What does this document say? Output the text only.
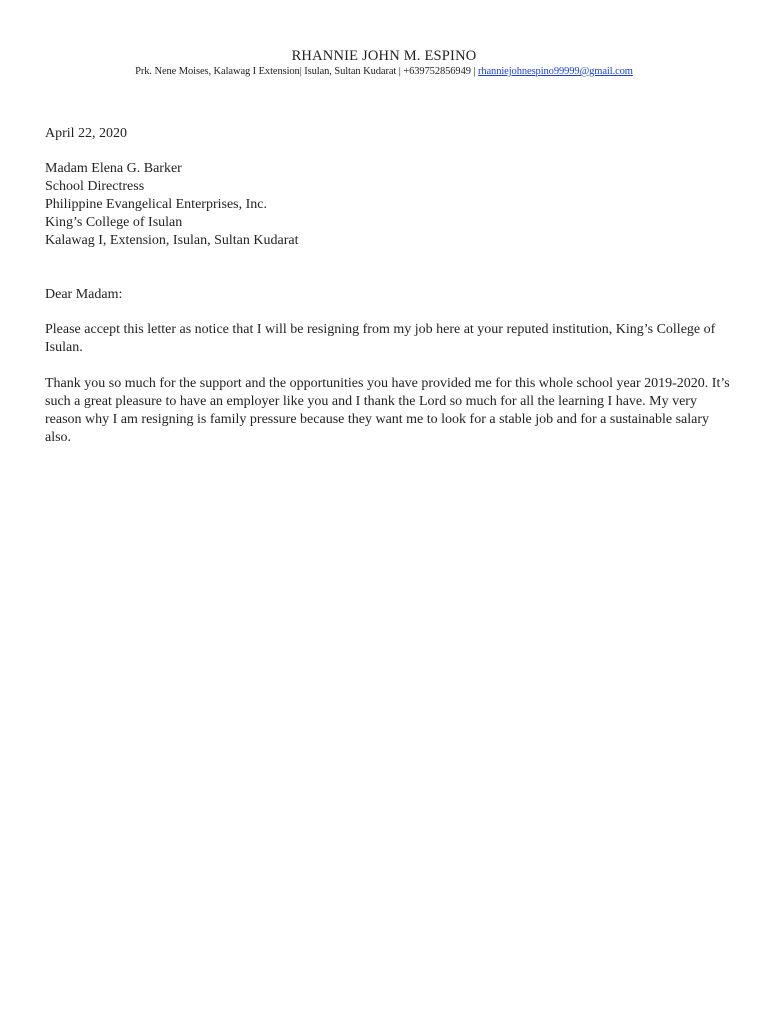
RHANNIE JOHN M. ESPINO
Prk. Nene Moises, Kalawag I Extension| Isulan, Sultan Kudarat | +639752856949 | rhanniejohnespino99999@gmail.com
April 22, 2020
Madam Elena G. Barker
School Directress
Philippine Evangelical Enterprises, Inc.
King’s College of Isulan
Kalawag I, Extension, Isulan, Sultan Kudarat
Dear Madam:

Please accept this letter as notice that I will be resigning from my job here at your reputed institution, King’s College of Isulan.

Thank you so much for the support and the opportunities you have provided me for this whole school year 2019-2020. It’s such a great pleasure to have an employer like you and I thank the Lord so much for all the learning I have. My very reason why I am resigning is family pressure because they want me to look for a stable job and for a sustainable salary also.
